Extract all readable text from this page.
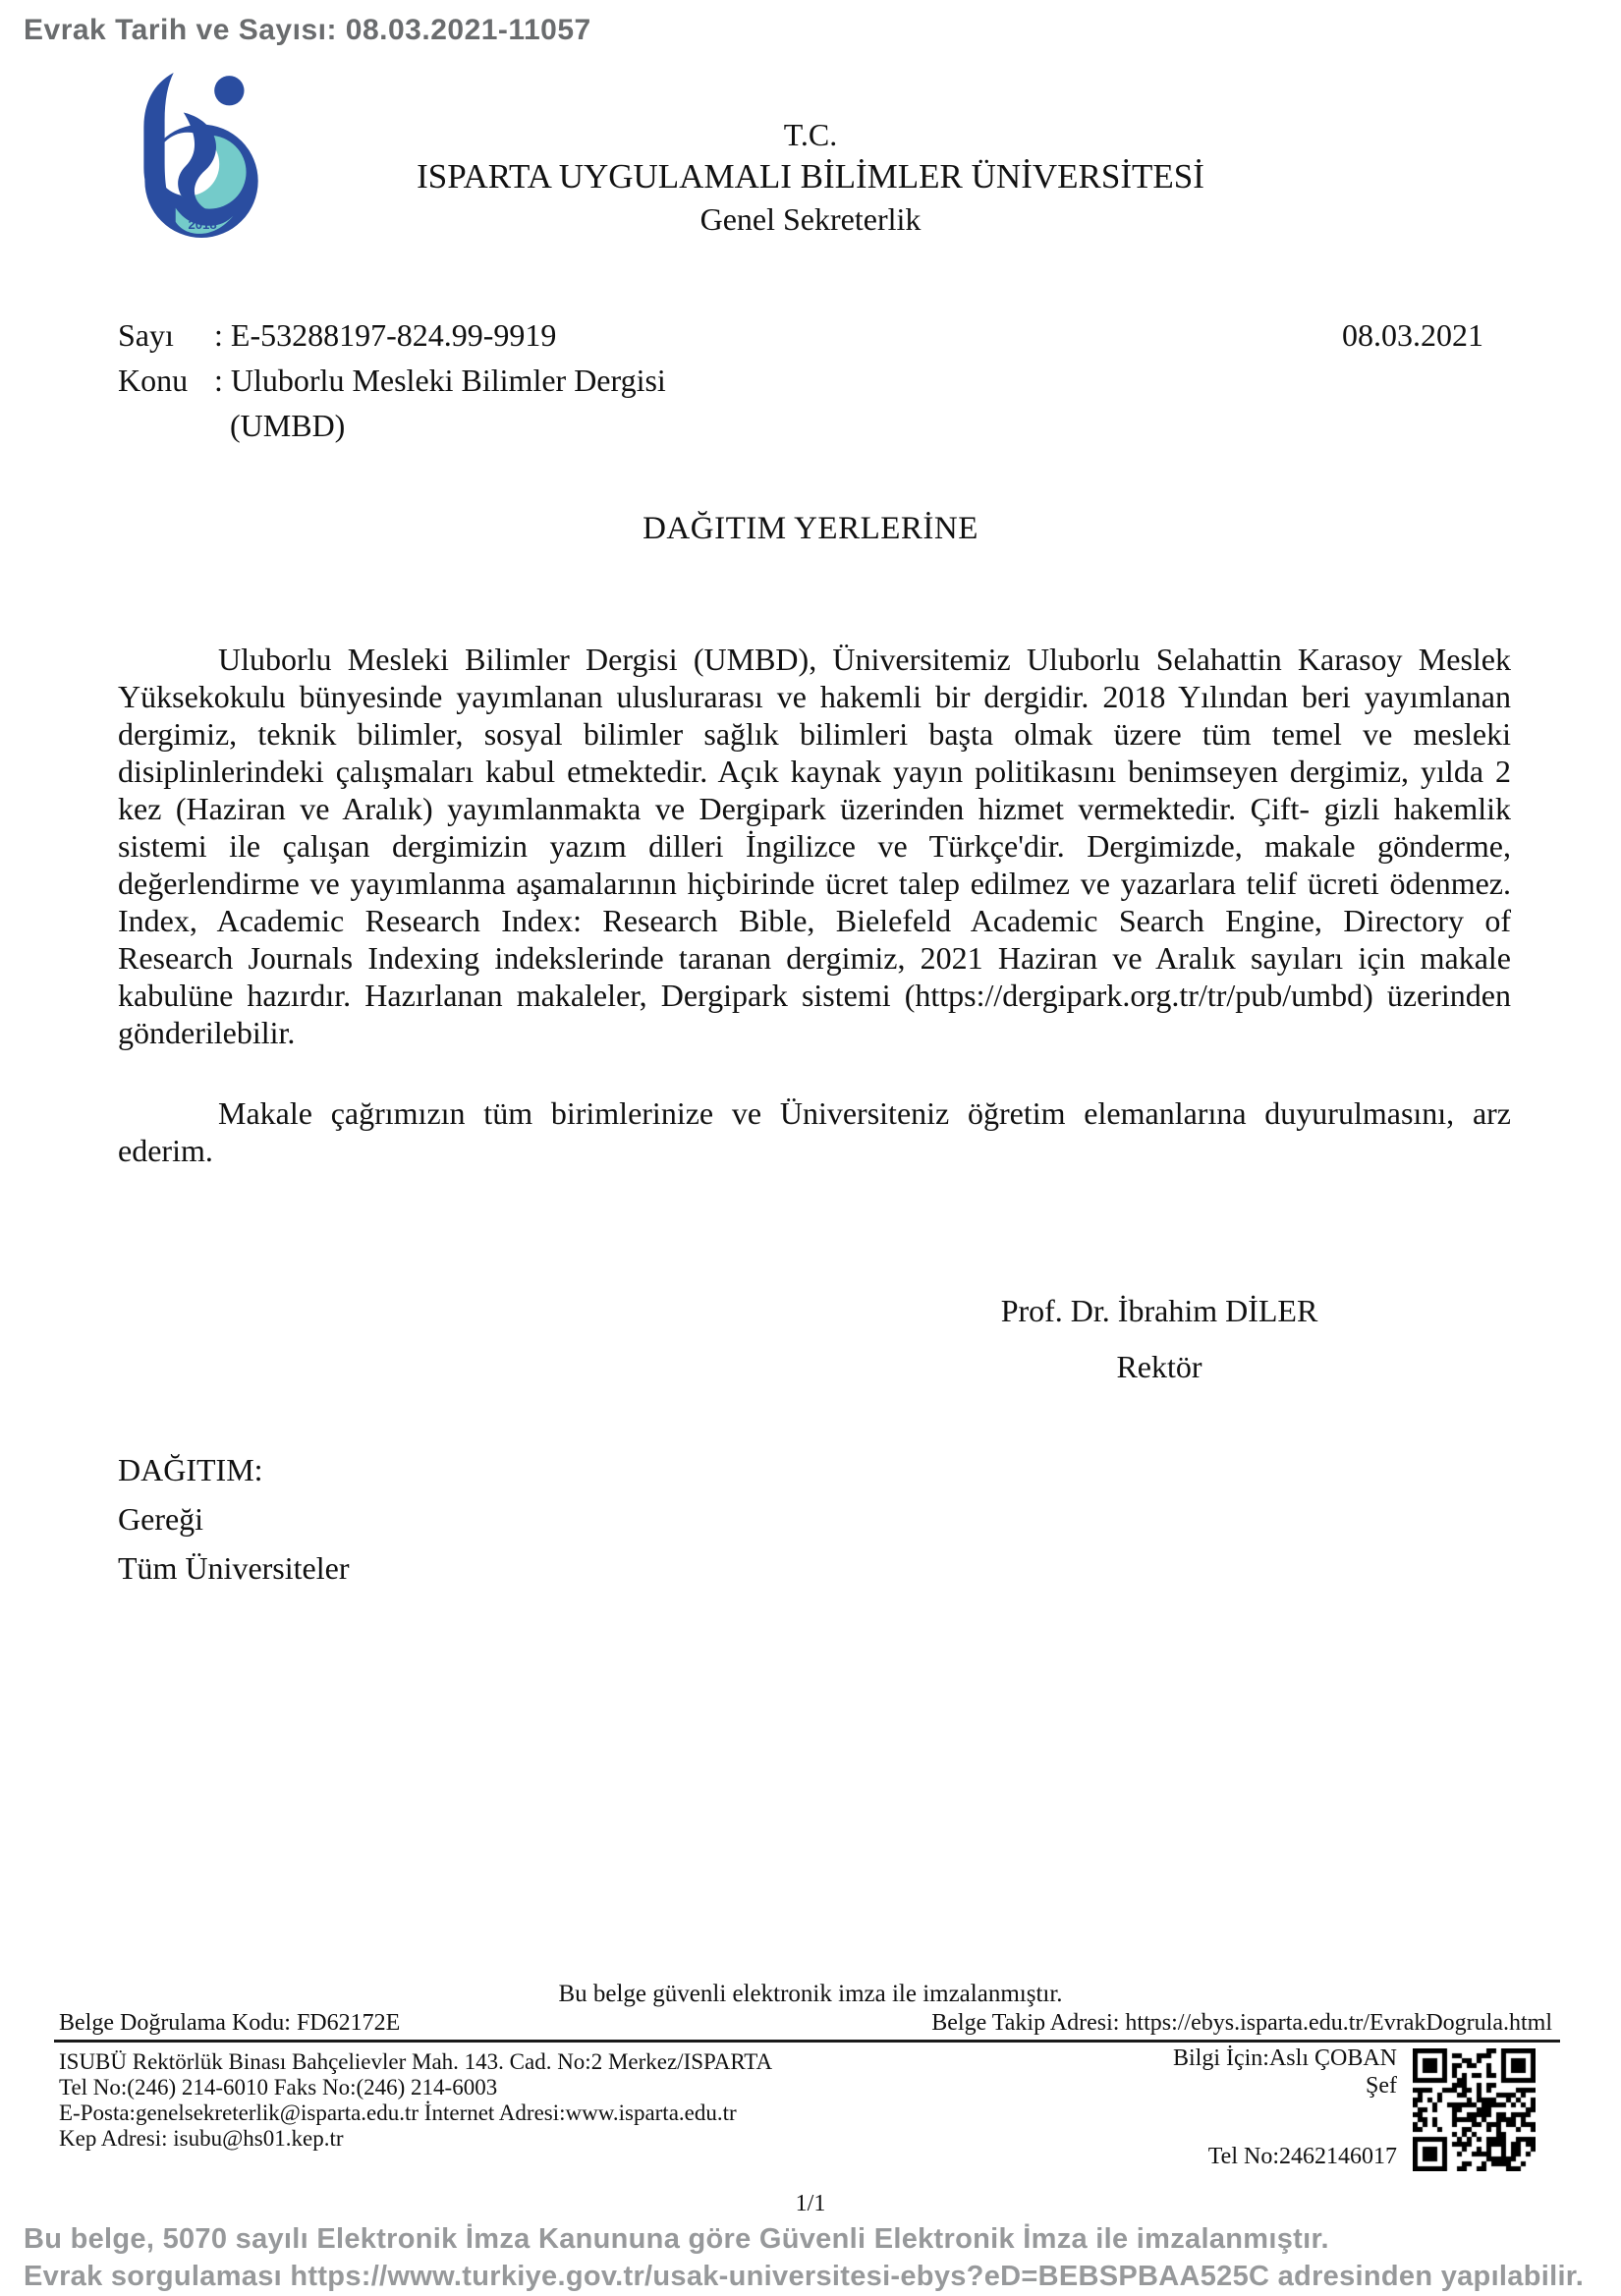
Evrak Tarih ve Sayısı: 08.03.2021-11057
2018
T.C.
ISPARTA UYGULAMALI BİLİMLER ÜNİVERSİTESİ
Genel Sekreterlik
Sayı	: E-53288197-824.99-9919
Konu : Uluborlu Mesleki Bilimler Dergisi
(UMBD)
08.03.2021
DAĞITIM YERLERİNE
Uluborlu Mesleki Bilimler Dergisi (UMBD), Üniversitemiz Uluborlu Selahattin Karasoy Meslek Yüksekokulu bünyesinde yayımlanan uluslurarası ve hakemli bir dergidir. 2018 Yılından beri yayımlanan dergimiz, teknik bilimler, sosyal bilimler sağlık bilimleri başta olmak üzere tüm temel ve mesleki disiplinlerindeki çalışmaları kabul etmektedir. Açık kaynak yayın politikasını benimseyen dergimiz, yılda 2 kez (Haziran ve Aralık) yayımlanmakta ve Dergipark üzerinden hizmet vermektedir. Çift- gizli hakemlik sistemi ile çalışan dergimizin yazım dilleri İngilizce ve Türkçe'dir. Dergimizde, makale gönderme, değerlendirme ve yayımlanma aşamalarının hiçbirinde ücret talep edilmez ve yazarlara telif ücreti ödenmez. Index, Academic Research Index: Research Bible, Bielefeld Academic Search Engine, Directory of Research Journals Indexing indekslerinde taranan dergimiz, 2021 Haziran ve Aralık sayıları için makale kabulüne hazırdır. Hazırlanan makaleler, Dergipark sistemi (https://dergipark.org.tr/tr/pub/umbd) üzerinden gönderilebilir.
Makale çağrımızın tüm birimlerinize ve Üniversiteniz öğretim elemanlarına duyurulmasını, arz ederim.
Prof. Dr. İbrahim DİLER
Rektör
DAĞITIM:
Gereği
Tüm Üniversiteler
Bu belge güvenli elektronik imza ile imzalanmıştır.
Belge Doğrulama Kodu: FD62172E	Belge Takip Adresi: https://ebys.isparta.edu.tr/EvrakDogrula.html
ISUBÜ Rektörlük Binası Bahçelievler Mah. 143. Cad. No:2 Merkez/ISPARTA
Tel No:(246) 214-6010 Faks No:(246) 214-6003
E-Posta:genelsekreterlik@isparta.edu.tr İnternet Adresi:www.isparta.edu.tr
Kep Adresi: isubu@hs01.kep.tr
Bilgi İçin:Aslı ÇOBAN
Şef
Tel No:2462146017
1/1
Bu belge, 5070 sayılı Elektronik İmza Kanununa göre Güvenli Elektronik İmza ile imzalanmıştır.
Evrak sorgulaması https://www.turkiye.gov.tr/usak-universitesi-ebys?eD=BEBSPBAA525C adresinden yapılabilir.
